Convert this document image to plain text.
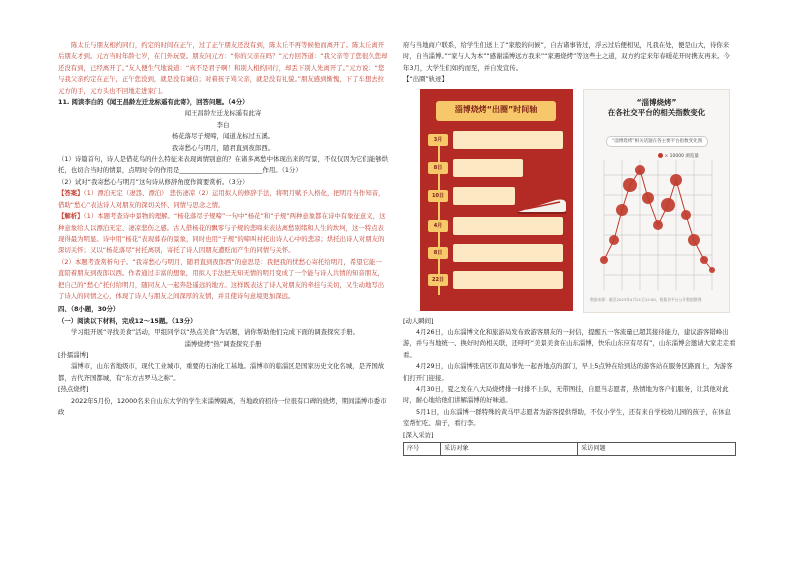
陈太丘与朋友相约同行，约定的时间在正午，过了正午朋友还没有到，陈太丘不再等候他而离开了。陈太丘离开后朋友才到。元方当时年龄七岁，在门外玩耍。朋友问元方：“你的父亲在吗？”元方回答道：“我父亲等了您很久您却还没有到，已经离开了。”友人便生气地说道：“真不是君子啊！和别人相约同行，却丢下别人先离开了。”元方说：“您与我父亲约定在正午，正午您没到，就是没有诚信；对着孩子骂父亲，就是没有礼貌。”朋友感到惭愧，下了车想去拉元方的手，元方头也不回地走进家门。

11. 阅读李白的《闻王昌龄左迁龙标遥有此寄》，回答问题。（4分）

闻王昌龄左迁龙标遥有此寄

李白

杨花落尽子规啼，闻道龙标过五溪。

我寄愁心与明月，随君直到夜郎西。

（1）诗篇首句，诗人是借花鸟的什么特征来表现离情别意的？在诸多离愁中体现出来的写景，不仅仅因为它们能够烘托，也切合当时的情景，点明时令的作用是__________________________作用。（1分）

（2）试对“我寄愁心与明月”这句诗从修辞角度作简要赏析。（3分）

【答案】（1）漂泊无定（凄怨、漂泊） 悲伤凄凉（2）运用拟人的修辞手法，将明月赋予人格化，把明月当作知音，借助“愁心”表达诗人对朋友的深切关怀、同情与思念之情。

【解析】（1）本题考查诗中景物的理解。“杨花落尽子规啼”一句中“杨花”和“子规”两种意象都在诗中有象征意义，这种意象给人以漂泊无定、凄凉悲伤之感。古人借杨花的飘零与子规的悲啼来表达离愁别绪和人生的坎坷，这一特点表现得最为明显。诗中用“杨花”表现暮春的景象，同时也用“子规”的啼叫衬托出诗人心中的悲凉；烘托出诗人对朋友的深切关怀；又以“杨花落尽”衬托离别，寄托了诗人因朋友遭贬而产生的同情与关怀。

（2）本题考查赏析句子。“我寄愁心与明月，随君直到夜郎西”的意思是：我把我的忧愁心寄托给明月，希望它能一直陪着朋友到夜郎以西。作者通过丰富的想象，用拟人手法把无知无情的明月变成了一个能与诗人共情的知音朋友，把自己的“愁心”托付给明月，随同友人一起奔赴遥远的地方。这样既表达了诗人对朋友的牵挂与关切，又生动地写出了诗人的同情之心，体现了诗人与朋友之间深厚的友情，并且使诗句意境更加深远。

四、（8小题，30分）

（一）阅读以下材料，完成12～15题。（13分）

学习组开展“寻找美食”活动，甲组同学以“热点美食”为话题，请你帮助他们完成下面的调查探究手册。

淄博烧烤“热”调查探究手册

[扑擂淄博]

淄博市，山东省地级市，现代工业城市，重要的石油化工基地。淄博市的临淄区是国家历史文化名城，是齐国故都，古代齐国都城，有“东方古罗马之称”。

[热点烧烤]

2022年5月份，12000名来自山东大学的学生来淄博隔离，当地政府招待一位很有口碑的烧烤，期间淄博市委市政

府与当地商户联系，给学生们送上了“家般的问候”，自古诸事皆过，浮云过后便相见，凡我在处，便是山大，待你来时，自当淄博。”“家与人为本”“感谢淄博远方我来”“家遇烧烤”等这些土之道，双方约定来年春暖花开时携友再来。今年3月，大学生们如约而至，并自发宣传。

【“出圈”轨迹】

淄博烧烤“出圈”时间轴
3月
8日
10日
4月
8日
22日
“淄博烧烤”
在各社交平台的相关指数变化
“淄博烧烤”相关话题在各主要平台指数变化图
× 10000 浏览量
数据来源：截至2023年4月21日12:00，根据各平台公开数据整理

[动人瞬间]

4月26日，山东淄博文化和旅游局发布致游客朋友的一封信，提醒五一客流量已超其接待能力，建议游客错峰出游，并与当地统一、换好时尚相关联，还呼吁“美景美食在山东淄博，快乐山东应有尽有”，山东淄博会邀请大家走走看看。

4月29日，山东淄博张店区市直局事先一起吾地点的部门，早上5点钟在给到达的游客站在服务区路面上，为游客们打开门迎接。

4月30日，夏之发在八大局烧烤排一时排不上队，无带图挂，自愿当志愿者，热情地为客户们服务，让其他对此时，耐心地给他们讲解淄博的好味道。

5月1日，山东淄博一群特殊的黄马甲志愿者为游客提供帮助，不仅小学生，还有来自学校幼儿园的孩子，在休息室帮忙吃、扇子，看行李。

[深入采访]

序号	采访对象	采访问题
